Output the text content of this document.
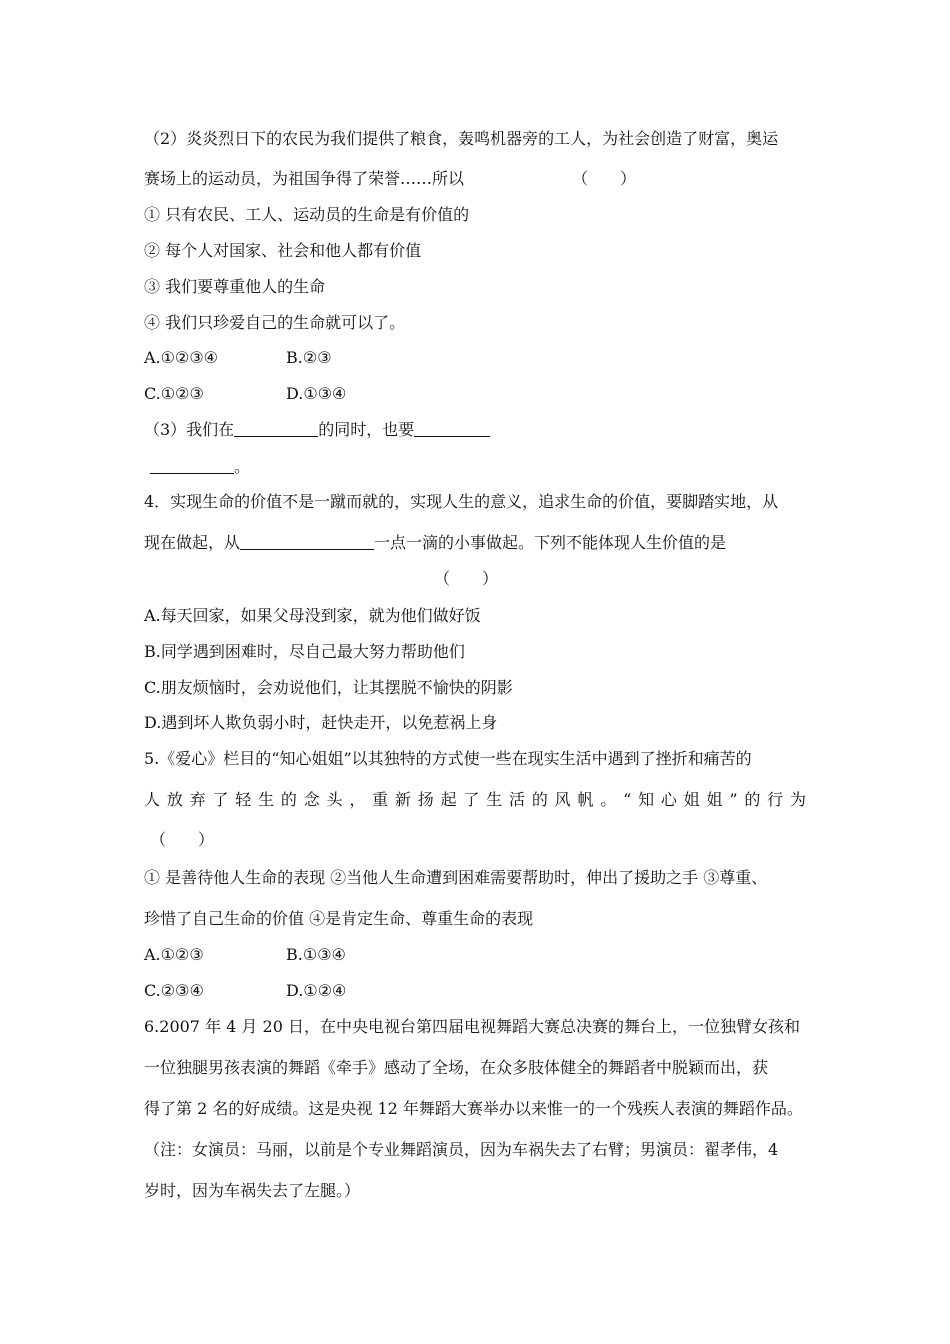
（2）炎炎烈日下的农民为我们提供了粮食，轰鸣机器旁的工人，为社会创造了财富，奥运
赛场上的运动员，为祖国争得了荣誉……所以	（　　）
① 只有农民、工人、运动员的生命是有价值的
② 每个人对国家、社会和他人都有价值
③ 我们要尊重他人的生命
④ 我们只珍爱自己的生命就可以了。
A.①②③④	B.②③
C.①②③	D.①③④
（3）我们在	的同时，也要
。
4．实现生命的价值不是一蹴而就的，实现人生的意义，追求生命的价值，要脚踏实地，从
现在做起，从	一点一滴的小事做起。下列不能体现人生价值的是
（　　）
A.每天回家，如果父母没到家，就为他们做好饭
B.同学遇到困难时，尽自己最大努力帮助他们
C.朋友烦恼时，会劝说他们，让其摆脱不愉快的阴影
D.遇到坏人欺负弱小时，赶快走开，以免惹祸上身
5.《爱心》栏目的“知心姐姐”以其独特的方式使一些在现实生活中遇到了挫折和痛苦的
人放弃了轻生的念头，重新扬起了生活的风帆。“知心姐姐”的行为
（　　）
① 是善待他人生命的表现 ②当他人生命遭到困难需要帮助时，伸出了援助之手 ③尊重、
珍惜了自己生命的价值 ④是肯定生命、尊重生命的表现
A.①②③	B.①③④
C.②③④	D.①②④
6.2007 年 4 月 20 日，在中央电视台第四届电视舞蹈大赛总决赛的舞台上，一位独臂女孩和
一位独腿男孩表演的舞蹈《牵手》感动了全场，在众多肢体健全的舞蹈者中脱颖而出，获
得了第 2 名的好成绩。这是央视 12 年舞蹈大赛举办以来惟一的一个残疾人表演的舞蹈作品。
（注：女演员：马丽，以前是个专业舞蹈演员，因为车祸失去了右臂；男演员：翟孝伟，4
岁时，因为车祸失去了左腿。）
